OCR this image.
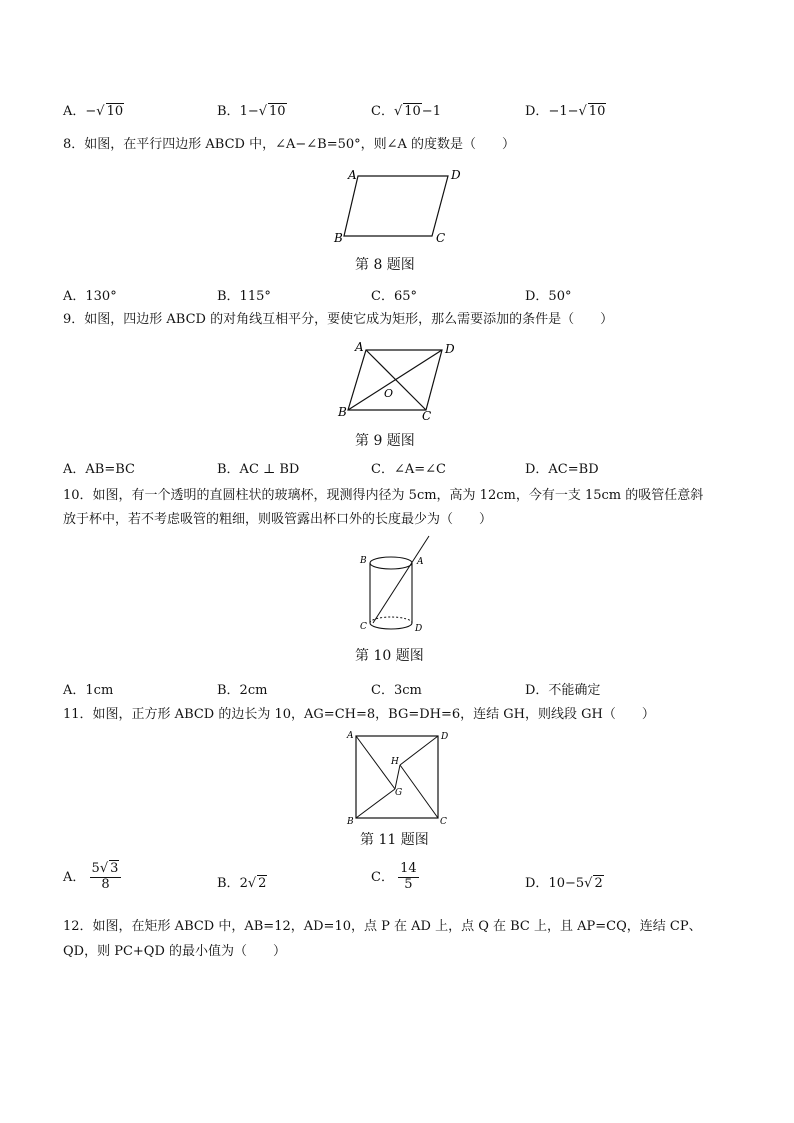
A．−√ 10	B．1−√ 10	C．√ 10−1	D．−1−√ 10
8．如图，在平行四边形 ABCD 中，∠A−∠B=50°，则∠A 的度数是（　　）
A	D
B	C
第 8 题图
A．130°	B．115°	C．65°	D．50°
9．如图，四边形 ABCD 的对角线互相平分，要使它成为矩形，那么需要添加的条件是（　　）
A	D
B	C
O
第 9 题图
A．AB=BC	B．AC ⊥ BD	C．∠A=∠C	D．AC=BD
10．如图，有一个透明的直圆柱状的玻璃杯，现测得内径为 5cm，高为 12cm，今有一支 15cm 的吸管任意斜
放于杯中，若不考虑吸管的粗细，则吸管露出杯口外的长度最少为（　　）
B	A
C	D
第 10 题图
A．1cm	B．2cm	C．3cm	D．不能确定
11．如图，正方形 ABCD 的边长为 10，AG=CH=8，BG=DH=6，连结 GH，则线段 GH（　　）
A	D
B	C
H
G
第 11 题图
A． $\frac{5√ 3}{8}$	B．2√ 2	C． $\frac{14}{5}$	D．10−5√ 2
12．如图，在矩形 ABCD 中，AB=12，AD=10，点 P 在 AD 上，点 Q 在 BC 上，且 AP=CQ，连结 CP、
QD，则 PC+QD 的最小值为（　　）
